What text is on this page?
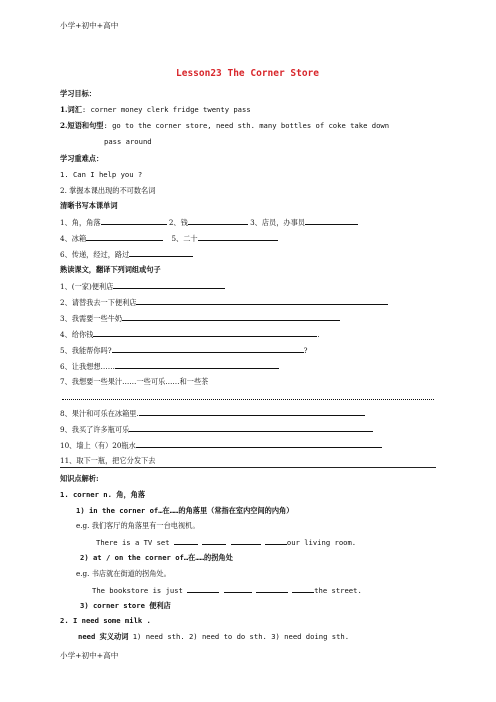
小学+初中+高中
Lesson23 The Corner Store
学习目标：
1.词汇: corner money clerk fridge twenty pass
2.短语和句型: go to the corner store, need sth. many bottles of coke take down
pass around
学习重难点：
1. Can I help you ?
2. 掌握本课出现的不可数名词
清晰书写本课单词
1、角，角落	2、钱	3、店员，办事员
4、冰箱	5、二十
6、传递，经过，路过
熟读课文，翻译下列词组或句子
1、(一家)便利店
2、请替我去一下便利店
3、我需要一些牛奶
4、给你钱	.
5、我能帮你吗?	?
6、让我想想……
7、我想要一些果汁……一些可乐……和一些茶
8、果汁和可乐在冰箱里.
9、我买了许多瓶可乐
10、墙上（有）20瓶水
11、取下一瓶，把它分发下去
知识点解析:
1. corner n. 角，角落
1) in the corner of…在……的角落里（常指在室内空间的内角）
e.g. 我们客厅的角落里有一台电视机。
There is a TV set	our living room.
2) at / on the corner of…在……的拐角处
e.g. 书店就在街道的拐角处。
The bookstore is just	the street.
3) corner store 便利店
2. I need some milk .
need 实义动词 1) need sth. 2) need to do sth. 3) need doing sth.
小学+初中+高中
